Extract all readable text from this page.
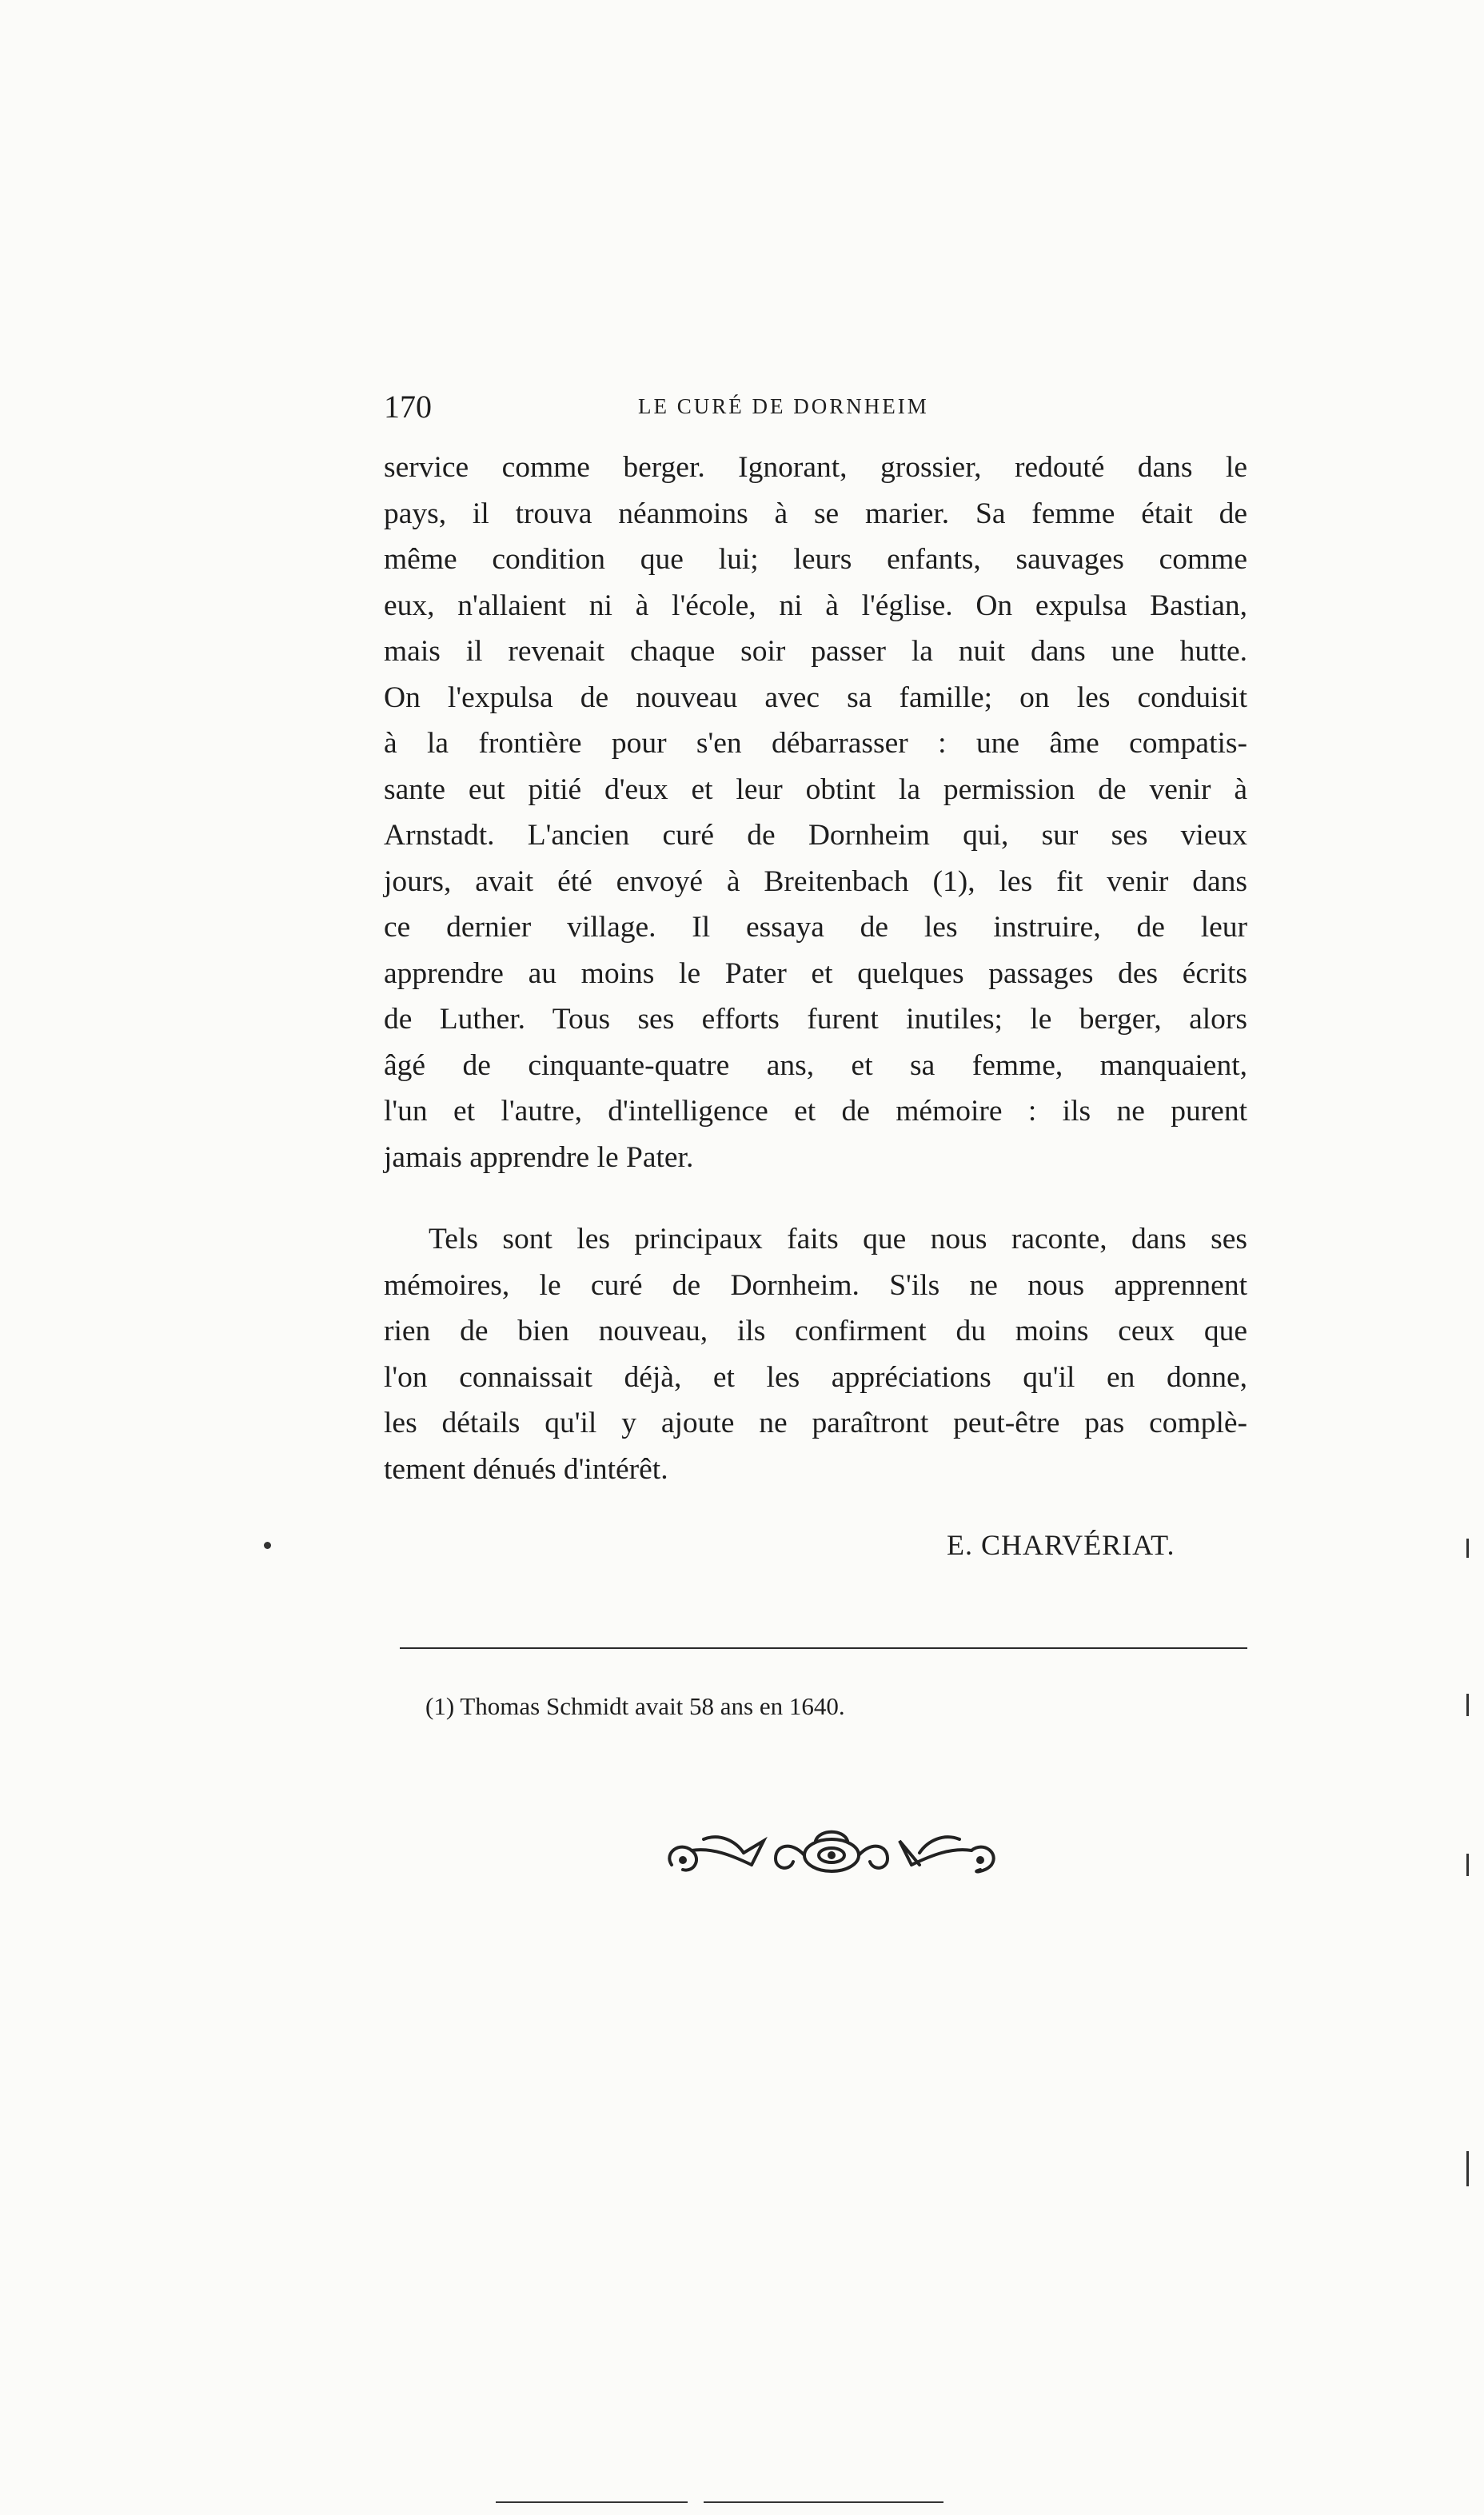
170	LE CURÉ DE DORNHEIM
service comme berger. Ignorant, grossier, redouté dans le
pays, il trouva néanmoins à se marier. Sa femme était de
même condition que lui; leurs enfants, sauvages comme
eux, n'allaient ni à l'école, ni à l'église. On expulsa Bastian,
mais il revenait chaque soir passer la nuit dans une hutte.
On l'expulsa de nouveau avec sa famille; on les conduisit
à la frontière pour s'en débarrasser : une âme compatis-
sante eut pitié d'eux et leur obtint la permission de venir à
Arnstadt. L'ancien curé de Dornheim qui, sur ses vieux
jours, avait été envoyé à Breitenbach (1), les fit venir dans
ce dernier village. Il essaya de les instruire, de leur
apprendre au moins le Pater et quelques passages des écrits
de Luther. Tous ses efforts furent inutiles; le berger, alors
âgé de cinquante-quatre ans, et sa femme, manquaient,
l'un et l'autre, d'intelligence et de mémoire : ils ne purent
jamais apprendre le Pater.
Tels sont les principaux faits que nous raconte, dans ses
mémoires, le curé de Dornheim. S'ils ne nous apprennent
rien de bien nouveau, ils confirment du moins ceux que
l'on connaissait déjà, et les appréciations qu'il en donne,
les détails qu'il y ajoute ne paraîtront peut-être pas complè-
tement dénués d'intérêt.
E. CHARVÉRIAT.
(1) Thomas Schmidt avait 58 ans en 1640.
